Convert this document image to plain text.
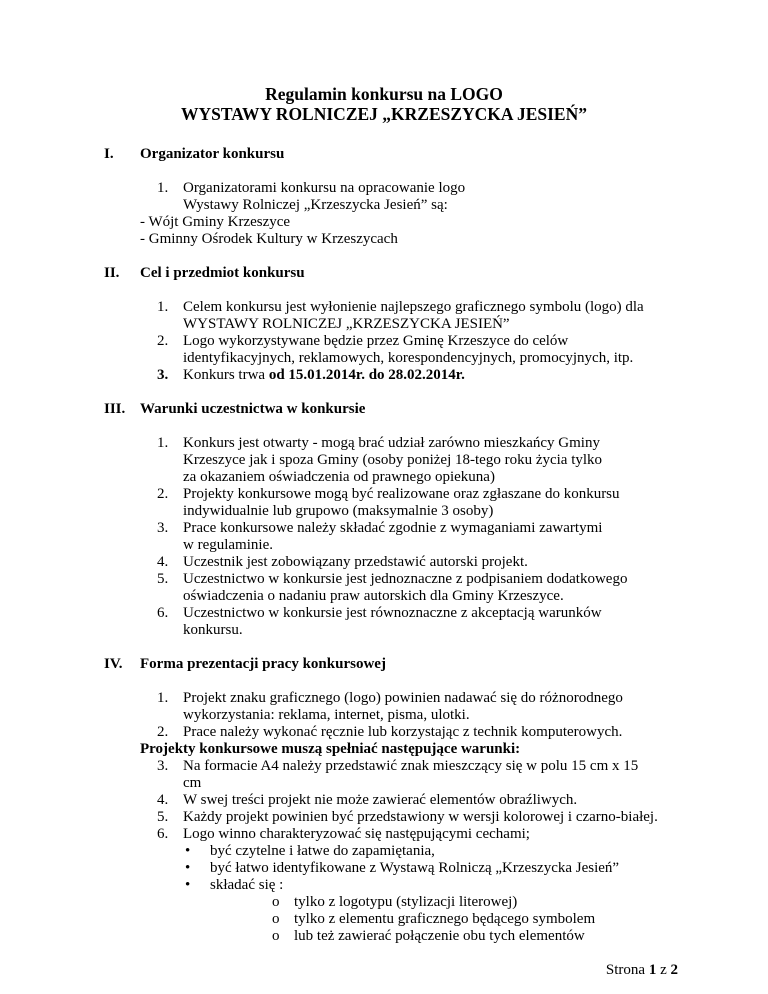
Regulamin konkursu na LOGO
WYSTAWY ROLNICZEJ „KRZESZYCKA JESIEŃ”
I. Organizator konkursu
1. Organizatorami konkursu na opracowanie logo
Wystawy Rolniczej „Krzeszycka Jesień” są:
- Wójt Gminy Krzeszyce
- Gminny Ośrodek Kultury w Krzeszycach
II. Cel i przedmiot konkursu
1. Celem konkursu jest wyłonienie najlepszego graficznego symbolu (logo) dla
WYSTAWY ROLNICZEJ „KRZESZYCKA JESIEŃ”
2. Logo wykorzystywane będzie przez Gminę Krzeszyce do celów
identyfikacyjnych, reklamowych, korespondencyjnych, promocyjnych, itp.
3. Konkurs trwa od 15.01.2014r. do 28.02.2014r.
III. Warunki uczestnictwa w konkursie
1. Konkurs jest otwarty - mogą brać udział zarówno mieszkańcy Gminy
Krzeszyce jak i spoza Gminy (osoby poniżej 18-tego roku życia tylko
za okazaniem oświadczenia od prawnego opiekuna)
2. Projekty konkursowe mogą być realizowane oraz zgłaszane do konkursu
indywidualnie lub grupowo (maksymalnie 3 osoby)
3. Prace konkursowe należy składać zgodnie z wymaganiami zawartymi
w regulaminie.
4. Uczestnik jest zobowiązany przedstawić autorski projekt.
5. Uczestnictwo w konkursie jest jednoznaczne z podpisaniem dodatkowego
oświadczenia o nadaniu praw autorskich dla Gminy Krzeszyce.
6. Uczestnictwo w konkursie jest równoznaczne z akceptacją warunków
konkursu.
IV. Forma prezentacji pracy konkursowej
1. Projekt znaku graficznego (logo) powinien nadawać się do różnorodnego
wykorzystania: reklama, internet, pisma, ulotki.
2. Prace należy wykonać ręcznie lub korzystając z technik komputerowych.
Projekty konkursowe muszą spełniać następujące warunki:
3. Na formacie A4 należy przedstawić znak mieszczący się w polu 15 cm x 15
cm
4. W swej treści projekt nie może zawierać elementów obraźliwych.
5. Każdy projekt powinien być przedstawiony w wersji kolorowej i czarno-białej.
6. Logo winno charakteryzować się następującymi cechami;
• być czytelne i łatwe do zapamiętania,
• być łatwo identyfikowane z Wystawą Rolniczą „Krzeszycka Jesień”
• składać się :
o tylko z logotypu (stylizacji literowej)
o tylko z elementu graficznego będącego symbolem
o lub też zawierać połączenie obu tych elementów
Strona 1 z 2
